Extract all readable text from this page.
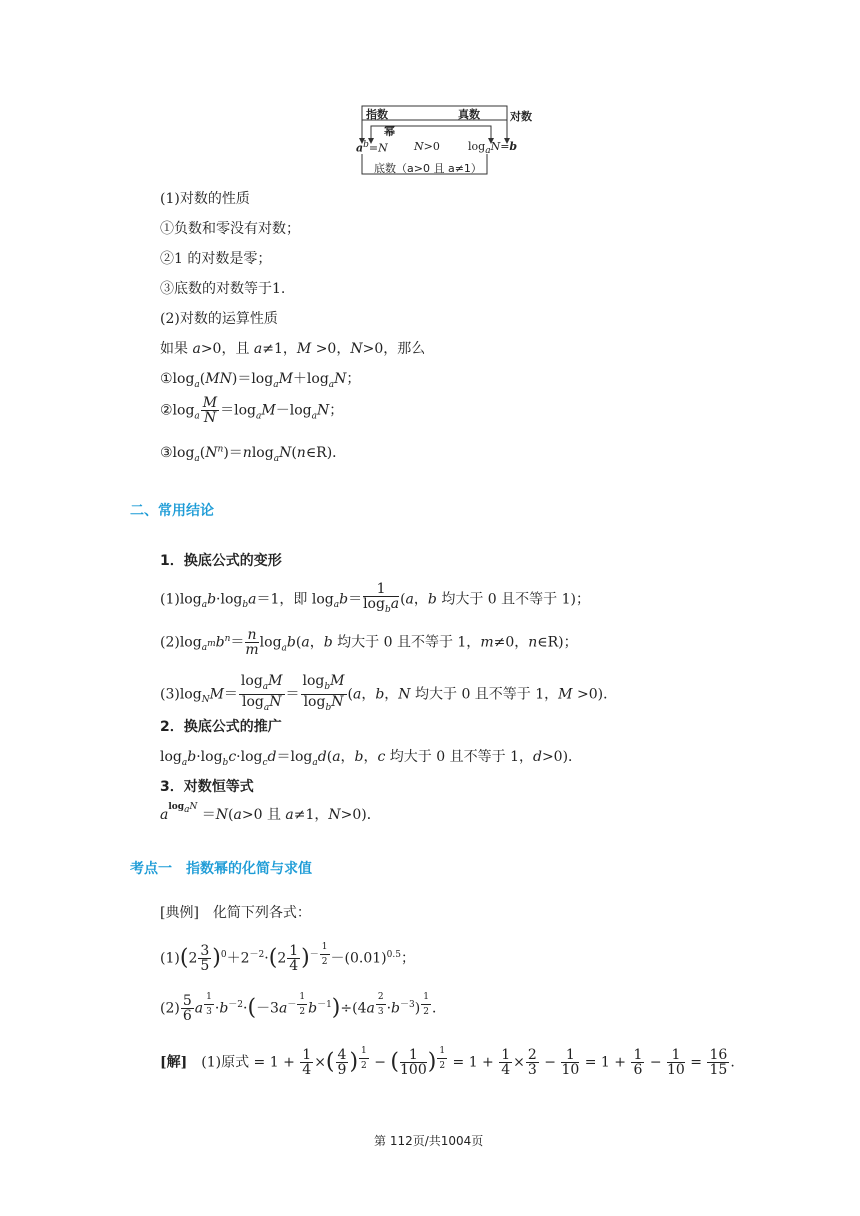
指数	真数	对数
幂
$a^b=N$ N>0	$\log_aN=b$
底数（a>0 且 a≠1）
(1)对数的性质
①负数和零没有对数；
②1 的对数是零；
③底数的对数等于1.
(2)对数的运算性质
如果 a>0，且 a≠1，M >0，N>0，那么
$①\log_a(MN)=\log_aM+\log_aN$；
$②\log_a \frac{M}{N} =\log_aM-\log_aN$；
$③\log_a(N^n)=nlog_aN(n\in R)$．
二、常用结论
1．换底公式的变形
$(1)\log_ab\cdot\log_ba=1$，即 $\log_ab= \frac{1}{\log_ba} (a$，b 均大于 0 且不等于 1)；
$(2)\log_{a^m}b^n= \frac{n}{m} \log_ab(a$，b 均大于 0 且不等于 1，m≠0，n∈R)；
$(3)\log_NM= \frac{\log_aM}{\log_aN} = \frac{\log_bM}{\log_bN} (a$，b，N 均大于 0 且不等于 1，M >0)．
2．换底公式的推广
$\log_ab\cdot\log_bc\cdot\log_cd=\log_ad(a$，b，c 均大于 0 且不等于 1，d>0)．
3．对数恒等式
$a^{log_aN} =N(a>0$ 且 a≠1，N>0)．
考点一　指数幂的化简与求值
[典例]　化简下列各式：
$(1)(2 \frac{3}{5} )^0+2^{-2}\cdot(2 \frac{1}{4} )^{- \frac{1}{2}} -(0.01)^{0.5}$；
$(2) \frac{5}{6}$ a $^{\frac{1}{3}} \cdot b^{-2}\cdot(-3a^{- \frac{1}{2}}$ $b^{-1})\div(4a$ $^{\frac{2}{3}} \cdot b^{-3}$) $^{\frac{1}{2}}$ ．
[解]　 (1)原式 = $1 + \frac{1}{4}$ ×( $\frac{4}{9}$ ) $^{\frac{1}{2}}$ − ( $\frac{1}{100}$ ) $^{\frac{1}{2}} = 1 + \frac{1}{4} \times \frac{2}{3} - \frac{1}{10} = 1 + \frac{1}{6} - \frac{1}{10} = \frac{16}{15}$ .
第 112页/共1004页
